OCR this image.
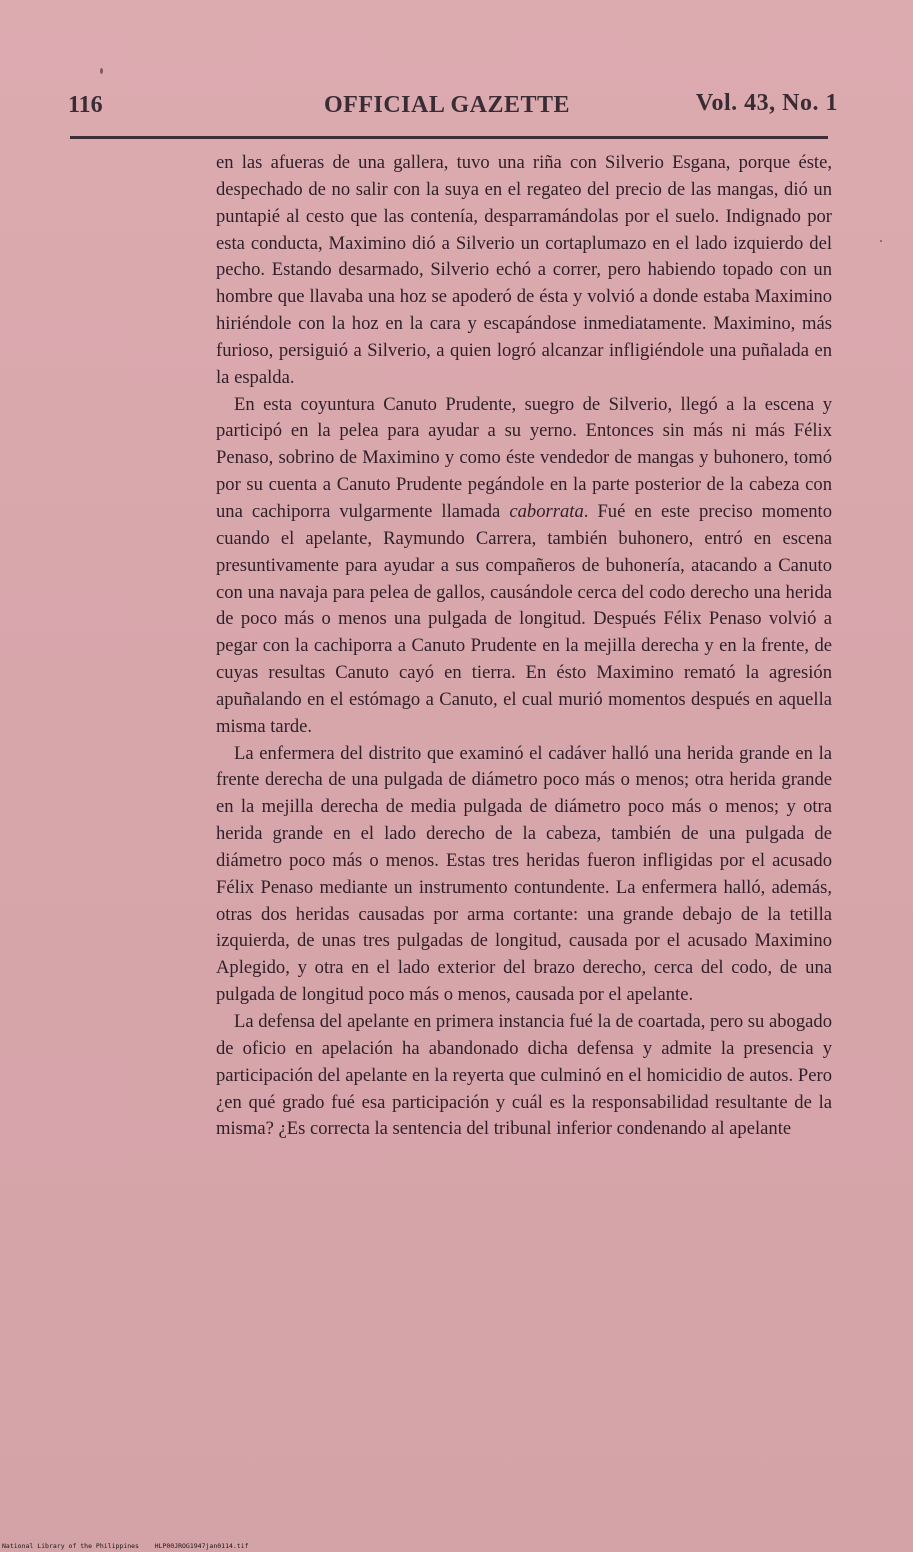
116	OFFICIAL GAZETTE	Vol. 43, No. 1

en las afueras de una gallera, tuvo una riña con Silverio Esgana, porque éste, despechado de no salir con la suya en el regateo del precio de las mangas, dió un puntapié al cesto que las contenía, desparramándolas por el suelo. Indignado por esta conducta, Maximino dió a Silverio un cortaplumazo en el lado izquierdo del pecho. Estando desarmado, Silverio echó a correr, pero habiendo topado con un hombre que llavaba una hoz se apoderó de ésta y volvió a donde estaba Maximino hiriéndole con la hoz en la cara y escapándose inmediatamente. Maximino, más furioso, persiguió a Silverio, a quien logró alcanzar infligiéndole una puñalada en la espalda.

En esta coyuntura Canuto Prudente, suegro de Silverio, llegó a la escena y participó en la pelea para ayudar a su yerno. Entonces sin más ni más Félix Penaso, sobrino de Maximino y como éste vendedor de mangas y buhonero, tomó por su cuenta a Canuto Prudente pegándole en la parte posterior de la cabeza con una cachiporra vulgarmente llamada caborrata. Fué en este preciso momento cuando el apelante, Raymundo Carrera, también buhonero, entró en escena presuntivamente para ayudar a sus compañeros de buhonería, atacando a Canuto con una navaja para pelea de gallos, causándole cerca del codo derecho una herida de poco más o menos una pulgada de longitud. Después Félix Penaso volvió a pegar con la cachiporra a Canuto Prudente en la mejilla derecha y en la frente, de cuyas resultas Canuto cayó en tierra. En ésto Maximino remató la agresión apuñalando en el estómago a Canuto, el cual murió momentos después en aquella misma tarde.

La enfermera del distrito que examinó el cadáver halló una herida grande en la frente derecha de una pulgada de diámetro poco más o menos; otra herida grande en la mejilla derecha de media pulgada de diámetro poco más o menos; y otra herida grande en el lado derecho de la cabeza, también de una pulgada de diámetro poco más o menos. Estas tres heridas fueron infligidas por el acusado Félix Penaso mediante un instrumento contundente. La enfermera halló, además, otras dos heridas causadas por arma cortante: una grande debajo de la tetilla izquierda, de unas tres pulgadas de longitud, causada por el acusado Maximino Aplegido, y otra en el lado exterior del brazo derecho, cerca del codo, de una pulgada de longitud poco más o menos, causada por el apelante.

La defensa del apelante en primera instancia fué la de coartada, pero su abogado de oficio en apelación ha abandonado dicha defensa y admite la presencia y participación del apelante en la reyerta que culminó en el homicidio de autos. Pero ¿en qué grado fué esa participación y cuál es la responsabilidad resultante de la misma? ¿Es correcta la sentencia del tribunal inferior condenando al apelante

National Library of the Philippines HLP00JROG1947jan0114.tif
